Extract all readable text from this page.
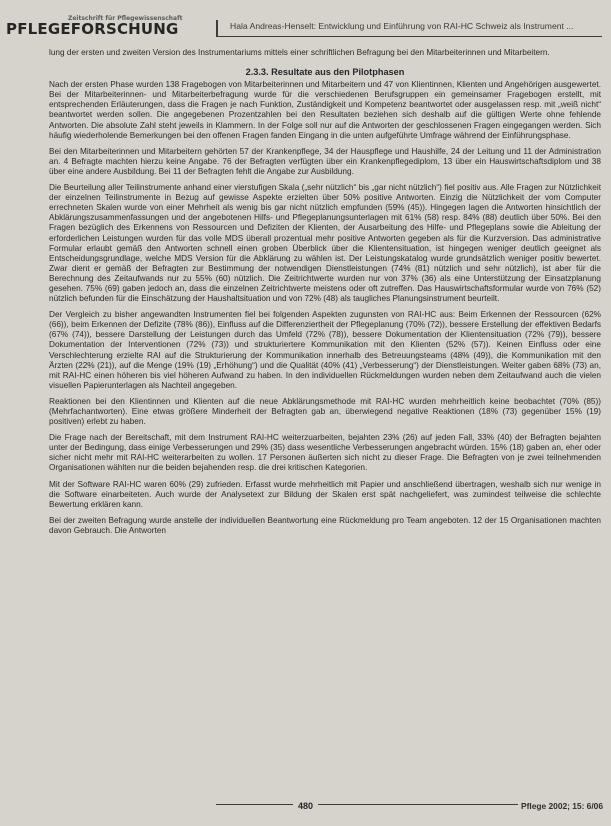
PFLEGEFORSCHUNG
Zeitschrift für Pflegewissenschaft
Hala Andreas-Henselt: Entwicklung und Einführung von RAI-HC Schweiz als Instrument ...

lung der ersten und zweiten Version des Instrumentariums mittels einer schriftlichen Befragung bei den Mitarbeiterinnen und Mitarbeitern.

2.3.3. Resultate aus den Pilotphasen

Nach der ersten Phase wurden 138 Fragebogen von Mitarbeiterinnen und Mitarbeitern und 47 von Klientinnen, Klienten und Angehörigen ausgewertet. Bei der Mitarbeiterinnen- und Mitarbeiterbefragung wurde für die verschiedenen Berufsgruppen ein gemeinsamer Fragebogen erstellt, mit entsprechenden Erläuterungen, dass die Fragen je nach Funktion, Zuständigkeit und Kompetenz beantwortet oder ausgelassen resp. mit „weiß nicht“ beantwortet werden sollen. Die angegebenen Prozentzahlen bei den Resultaten beziehen sich deshalb auf die gültigen Werte ohne fehlende Antworten. Die absolute Zahl steht jeweils in Klammern. In der Folge soll nur auf die Antworten der geschlossenen Fragen eingegangen werden. Sich häufig wiederholende Bemerkungen bei den offenen Fragen fanden Eingang in die unten aufgeführte Umfrage während der Einführungsphase.

Bei den Mitarbeiterinnen und Mitarbeitern gehörten 57 der Krankenpflege, 34 der Hauspflege und Haushilfe, 24 der Leitung und 11 der Administration an. 4 Befragte machten hierzu keine Angabe. 76 der Befragten verfügten über ein Krankenpflegediplom, 13 über ein Hauswirtschaftsdiplom und 38 über eine andere Ausbildung. Bei 11 der Befragten fehlt die Angabe zur Ausbildung.

Die Beurteilung aller Teilinstrumente anhand einer vierstufigen Skala („sehr nützlich“ bis „gar nicht nützlich“) fiel positiv aus. Alle Fragen zur Nützlichkeit der einzelnen Teilinstrumente in Bezug auf gewisse Aspekte erzielten über 50% positive Antworten. Einzig die Nützlichkeit der vom Computer errechneten Skalen wurde von einer Mehrheit als wenig bis gar nicht nützlich empfunden (59% (45)). Hingegen lagen die Antworten hinsichtlich der Abklärungszusammenfassungen und der angebotenen Hilfs- und Pflegeplanungsunterlagen mit 61% (58) resp. 84% (88) deutlich über 50%. Bei den Fragen bezüglich des Erkennens von Ressourcen und Defiziten der Klienten, der Ausarbeitung des Hilfe- und Pflegeplans sowie die Ableitung der erforderlichen Leistungen wurden für das volle MDS überall prozentual mehr positive Antworten gegeben als für die Kurzversion. Das administrative Formular erlaubt gemäß den Antworten schnell einen groben Überblick über die Klientensituation, ist hingegen weniger deutlich geeignet als Entscheidungsgrundlage, welche MDS Version für die Abklärung zu wählen ist. Der Leistungskatalog wurde grundsätzlich weniger positiv bewertet. Zwar dient er gemäß der Befragten zur Bestimmung der notwendigen Dienstleistungen (74% (81) nützlich und sehr nützlich), ist aber für die Berechnung des Zeitaufwands nur zu 55% (60) nützlich. Die Zeitrichtwerte wurden nur von 37% (36) als eine Unterstützung der Einsatzplanung gesehen. 75% (69) gaben jedoch an, dass die einzelnen Zeitrichtwerte meistens oder oft zutreffen. Das Hauswirtschaftsformular wurde von 76% (52) nützlich befunden für die Einschätzung der Haushaltsituation und von 72% (48) als taugliches Planungsinstrument beurteilt.

Der Vergleich zu bisher angewandten Instrumenten fiel bei folgenden Aspekten zugunsten von RAI-HC aus: Beim Erkennen der Ressourcen (62% (66)), beim Erkennen der Defizite (78% (86)), Einfluss auf die Differenziertheit der Pflegeplanung (70% (72)), bessere Erstellung der effektiven Bedarfs (67% (74)), bessere Darstellung der Leistungen durch das Umfeld (72% (78)), bessere Dokumentation der Klientensituation (72% (79)), bessere Dokumentation der Interventionen (72% (73)) und strukturiertere Kommunikation mit den Klienten (52% (57)). Keinen Einfluss oder eine Verschlechterung erzielte RAI auf die Strukturierung der Kommunikation innerhalb des Betreuungsteams (48% (49)), die Kommunikation mit den Ärzten (22% (21)), auf die Menge (19% (19) „Erhöhung“) und die Qualität (40% (41) „Verbesserung“) der Dienstleistungen. Weiter gaben 68% (73) an, mit RAI-HC einen höheren bis viel höheren Aufwand zu haben. In den individuellen Rückmeldungen wurden neben dem Zeitaufwand auch die vielen visuellen Papierunterlagen als Nachteil angegeben.

Reaktionen bei den Klientinnen und Klienten auf die neue Abklärungsmethode mit RAI-HC wurden mehrheitlich keine beobachtet (70% (85)) (Mehrfachantworten). Eine etwas größere Minderheit der Befragten gab an, überwiegend negative Reaktionen (18% (73) gegenüber 15% (19) positiven) erlebt zu haben.

Die Frage nach der Bereitschaft, mit dem Instrument RAI-HC weiterzuarbeiten, bejahten 23% (26) auf jeden Fall, 33% (40) der Befragten bejahten unter der Bedingung, dass einige Verbesserungen und 29% (35) dass wesentliche Verbesserungen angebracht würden. 15% (18) gaben an, eher oder sicher nicht mehr mit RAI-HC weiterarbeiten zu wollen. 17 Personen äußerten sich nicht zu dieser Frage. Die Befragten von je zwei teilnehmenden Organisationen wählten nur die beiden bejahenden resp. die drei kritischen Kategorien.

Mit der Software RAI-HC waren 60% (29) zufrieden. Erfasst wurde mehrheitlich mit Papier und anschließend übertragen, weshalb sich nur wenige in die Software einarbeiteten. Auch wurde der Analysetext zur Bildung der Skalen erst spät nachgeliefert, was zumindest teilweise die schlechte Bewertung erklären kann.

Bei der zweiten Befragung wurde anstelle der individuellen Beantwortung eine Rückmeldung pro Team angeboten. 12 der 15 Organisationen machten davon Gebrauch. Die Antworten

480	Pflege 2002; 15: 6/06
